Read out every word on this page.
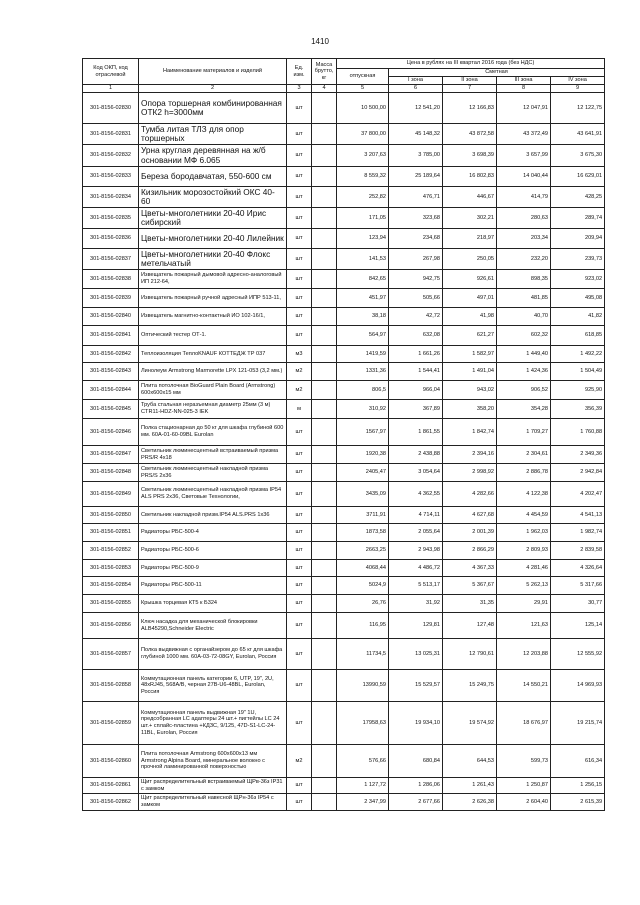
1410
Код ОКП, код отраслевой	Наименование материалов и изделий	Ед. изм.	Масса брутто, кг	Цена в рублях на III квартал 2016 года (без НДС)				
				отпускная	Сметная			
					I зона	II зона	III зона	IV зона
1	2	3	4	5	6	7	8	9
301-8156-02830	Опора торшерная комбинированная ОТК2 h=3000мм	шт		10 500,00	12 541,20	12 166,83	12 047,91	12 122,75
301-8156-02831	Тумба литая ТЛЗ для опор торшерных	шт		37 800,00	45 148,32	43 872,58	43 372,49	43 641,91
301-8156-02832	Урна круглая деревянная на ж/б основании МФ 6.065	шт		3 207,63	3 785,00	3 698,39	3 657,99	3 675,30
301-8156-02833	Береза бородавчатая, 550-600 см	шт		8 559,32	25 189,64	16 802,83	14 040,44	16 629,01
301-8156-02834	Кизильник морозостойкий ОКС 40-60	шт		252,82	476,71	446,67	414,79	428,25
301-8156-02835	Цветы-многолетники 20-40 Ирис сибирский	шт		171,05	323,68	302,21	280,63	289,74
301-8156-02836	Цветы-многолетники 20-40 Лилейник	шт		123,94	234,68	218,97	203,34	209,94
301-8156-02837	Цветы-многолетники 20-40 Флокс метельчатый	шт		141,53	267,98	250,05	232,20	239,73
301-8156-02838	Извещатель пожарный дымовой адресно-аналоговый ИП 212-64,	шт		842,65	942,75	926,61	898,35	923,02
301-8156-02839	Извещатель пожарный ручной адресный ИПР 513-11,	шт		451,97	505,66	497,01	481,85	495,08
301-8156-02840	Извещатель магнитно-контактный ИО 102-16/1,	шт		38,18	42,72	41,98	40,70	41,82
301-8156-02841	Оптический тестер ОТ-1.	шт		564,97	632,08	621,27	602,32	618,85
301-8156-02842	Теплоизоляция ТеплоKNAUF КОТТЕДЖ ТР 037	м3		1419,59	1 661,26	1 582,97	1 449,40	1 492,22
301-8156-02843	Линолеум Armstrong Marmorette LPX 121-053 (3,2 мм.)	м2		1331,36	1 544,41	1 491,04	1 424,36	1 504,49
301-8156-02844	Плита потолочная BioGuard Plain Board (Armstrong) 600х600х15 мм	м2		806,5	966,04	943,02	906,52	925,90
301-8156-02845	Труба стальная неразъемная диаметр 25мм (3 м) CTR11-HDZ-NN-025-3 IEK	м		310,92	367,89	358,20	354,28	356,39
301-8156-02846	Полка стационарная до 50 кг для шкафа глубиной 600 мм. 60А-01-60-09BL Eurolan	шт		1567,97	1 861,55	1 842,74	1 709,27	1 760,88
301-8156-02847	Светильник люминесцентный встраиваемый призма PRS/R 4x18	шт		1920,38	2 438,88	2 394,16	2 304,61	2 349,36
301-8156-02848	Светильник люминесцентный накладной призма PRS/S 2x36	шт		2405,47	3 054,64	2 998,92	2 886,78	2 942,84
301-8156-02849	Светильник люминесцентный накладной призма IP54 ALS PRS 2x36, Световые Технологии,	шт		3435,09	4 362,55	4 282,66	4 122,38	4 202,47
301-8156-02850	Светильник накладной призм.IP54 ALS.PRS 1x36	шт		3711,91	4 714,11	4 627,68	4 454,59	4 541,13
301-8156-02851	Радиаторы РБС-500-4	шт		1873,58	2 055,64	2 001,39	1 962,03	1 982,74
301-8156-02852	Радиаторы РБС-500-6	шт		2663,25	2 943,98	2 866,29	2 809,93	2 839,58
301-8156-02853	Радиаторы РБС-500-9	шт		4068,44	4 486,72	4 367,33	4 281,46	4 326,64
301-8156-02854	Радиаторы РБС-500-11	шт		5024,9	5 513,17	5 367,67	5 262,13	5 317,66
301-8156-02855	Крышка торцевая КТ5 к Б324	шт		26,76	31,92	31,35	29,91	30,77
301-8156-02856	Ключ насадка для механической блокировки ALB45290,Schneider Electric	шт		116,95	129,81	127,48	121,63	125,14
301-8156-02857	Полка выдвижная с органайзером до 65 кг для шкафа глубиной 1000 мм. 60А-03-72-08GY, Eurolan, Россия	шт		11734,5	13 025,31	12 790,61	12 203,88	12 555,92
301-8156-02858	Коммутационная панель категории 6, UTP, 19", 2U, 48xRJ45, 568A/B, черная 27B-U6-48BL, Eurolan, Россия	шт		13990,59	15 529,57	15 249,75	14 550,21	14 969,93
301-8156-02859	Коммутационная панель выдвижная 19" 1U, предсобранная LC адаптеры 24 шт.+ пигтейлы LC 24 шт.+ сплайс-пластина +КДЗС, 9/125, 47D-S1-LC-24-11BL, Eurolan, Россия	шт		17958,63	19 934,10	19 574,92	18 676,97	19 215,74
301-8156-02860	Плита потолочная Armstrong 600х600х13 мм Armstrong Alpina Board, минеральное волокно с прочной ламинированной поверхностью	м2		576,66	680,84	644,53	599,73	616,34
301-8156-02861	Щит распределительный встраиваемый ЩРв-36з IP31 с замком	шт		1 127,72	1 286,06	1 261,43	1 250,87	1 256,15
301-8156-02862	Щит распределительный навесной ЩРн-36з IP54 с замком	шт		2 347,99	2 677,66	2 626,38	2 604,40	2 615,39
